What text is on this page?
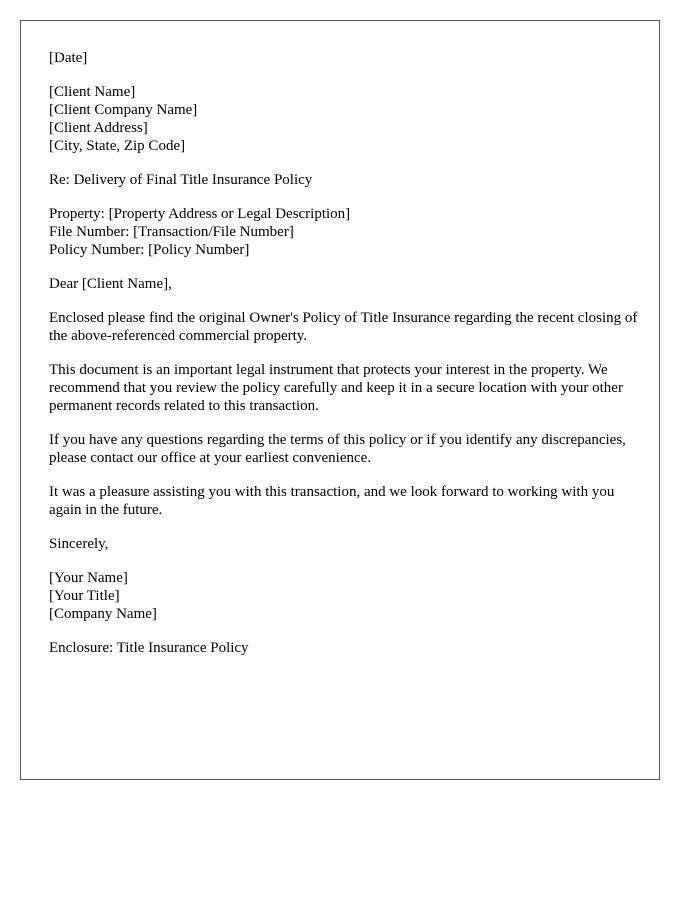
[Date]

[Client Name]

[Client Company Name]

[Client Address]

[City, State, Zip Code]

Re: Delivery of Final Title Insurance Policy

Property: [Property Address or Legal Description]

File Number: [Transaction/File Number]

Policy Number: [Policy Number]

Dear [Client Name],

Enclosed please find the original Owner's Policy of Title Insurance regarding the recent closing of the above-referenced commercial property.

This document is an important legal instrument that protects your interest in the property. We recommend that you review the policy carefully and keep it in a secure location with your other permanent records related to this transaction.

If you have any questions regarding the terms of this policy or if you identify any discrepancies, please contact our office at your earliest convenience.

It was a pleasure assisting you with this transaction, and we look forward to working with you again in the future.

Sincerely,

[Your Name]

[Your Title]

[Company Name]

Enclosure: Title Insurance Policy
